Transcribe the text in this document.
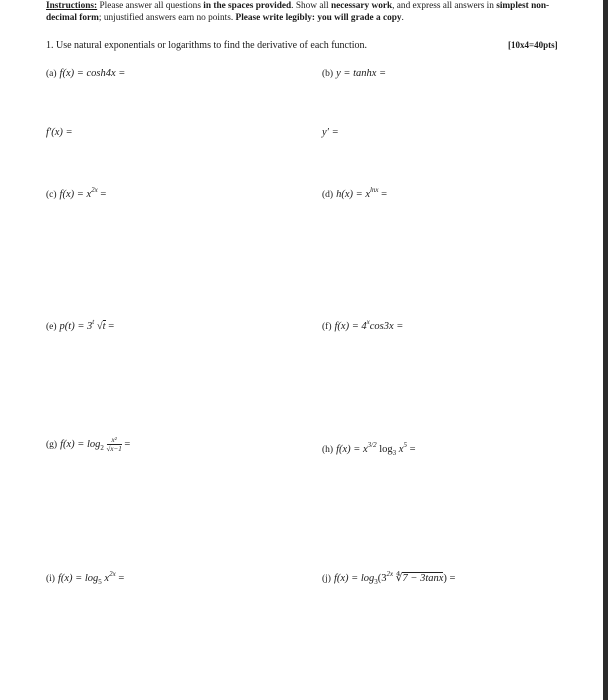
Instructions: Please answer all questions in the spaces provided. Show all necessary work, and express all answers in simplest non-decimal form; unjustified answers earn no points. Please write legibly: you will grade a copy.
1. Use natural exponentials or logarithms to find the derivative of each function.	[10x4=40pts]
(a) f(x) = cosh4x =	(b) y = tanhx =
f′(x) =	y′ =
(c) $f(x) = x^{2x}$ =	(d) $h(x) = x^{lnx}$ =
(e) $p(t) = 3^t$ √t =	(f) $f(x) = 4^x\cos 3x$ =
(g) $f(x) = \log_2 \frac{\text{x²}}{√x-1}$ =
(h) $f(x) = x^{3/2}$ $\log_3 x^5$ =
(i) $f(x) = \log_5 x^{2x}$ =	(j) $f(x) = \log_3(3^{2x}$ ∜7 − 3tanx) =
